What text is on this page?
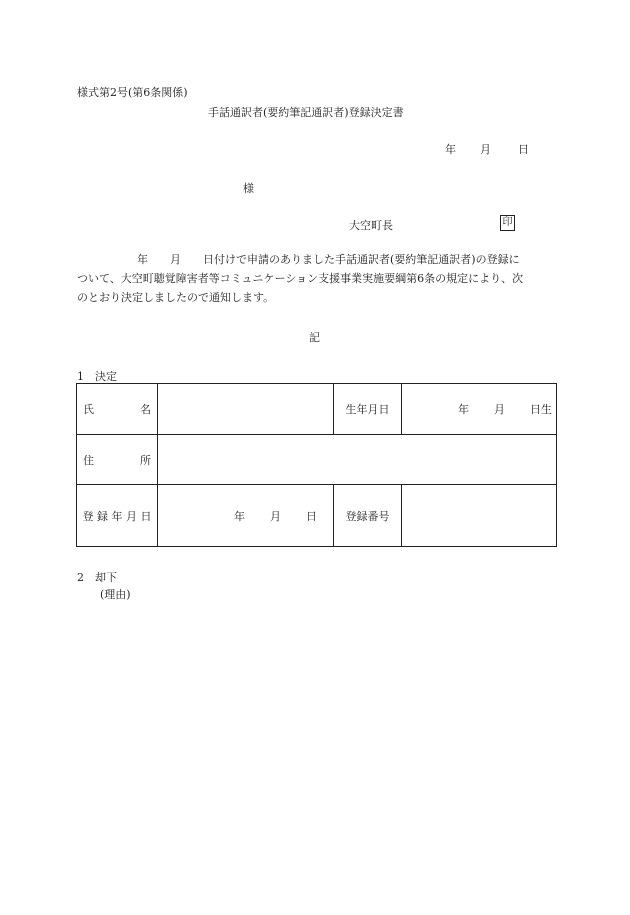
様式第2号(第6条関係)
手話通訳者(要約筆記通訳者)登録決定書
年 月 日
様
大空町長	印
年　　月　　日付けで申請のありました手話通訳者(要約筆記通訳者)の登録に
ついて、大空町聴覚障害者等コミュニケーション支援事業実施要綱第6条の規定により、次
のとおり決定しましたので通知します。
記
1　決定
氏 名		生年月日	年 月 日生

住 所			

登 録 年 月 日	年 月 日	登録番号	
2　却下
(理由)
